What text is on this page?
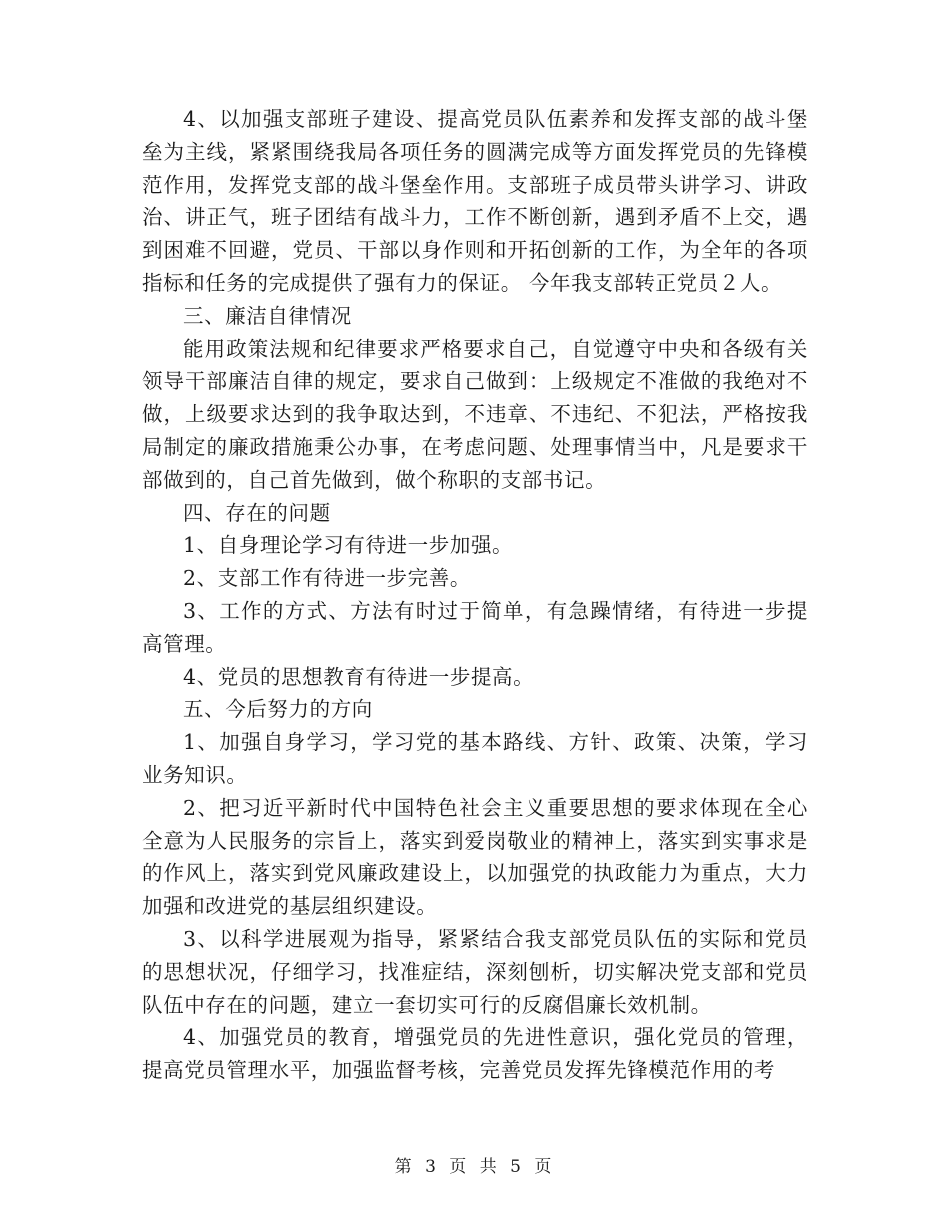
4、以加强支部班子建设、提高党员队伍素养和发挥支部的战斗堡垒为主线，紧紧围绕我局各项任务的圆满完成等方面发挥党员的先锋模范作用，发挥党支部的战斗堡垒作用。支部班子成员带头讲学习、讲政治、讲正气，班子团结有战斗力，工作不断创新，遇到矛盾不上交，遇到困难不回避，党员、干部以身作则和开拓创新的工作，为全年的各项指标和任务的完成提供了强有力的保证。 今年我支部转正党员２人。

三、廉洁自律情况

能用政策法规和纪律要求严格要求自己，自觉遵守中央和各级有关领导干部廉洁自律的规定，要求自己做到：上级规定不准做的我绝对不做，上级要求达到的我争取达到，不违章、不违纪、不犯法，严格按我局制定的廉政措施秉公办事，在考虑问题、处理事情当中，凡是要求干部做到的，自己首先做到，做个称职的支部书记。

四、存在的问题

1、自身理论学习有待进一步加强。

2、支部工作有待进一步完善。

3、工作的方式、方法有时过于简单，有急躁情绪，有待进一步提高管理。

4、党员的思想教育有待进一步提高。

五、今后努力的方向

1、加强自身学习，学习党的基本路线、方针、政策、决策，学习业务知识。

2、把习近平新时代中国特色社会主义重要思想的要求体现在全心全意为人民服务的宗旨上，落实到爱岗敬业的精神上，落实到实事求是的作风上，落实到党风廉政建设上，以加强党的执政能力为重点，大力加强和改进党的基层组织建设。

3、以科学进展观为指导，紧紧结合我支部党员队伍的实际和党员的思想状况，仔细学习，找准症结，深刻刨析，切实解决党支部和党员队伍中存在的问题，建立一套切实可行的反腐倡廉长效机制。

4、加强党员的教育，增强党员的先进性意识，强化党员的管理，提高党员管理水平，加强监督考核，完善党员发挥先锋模范作用的考

第 3 页 共 5 页
